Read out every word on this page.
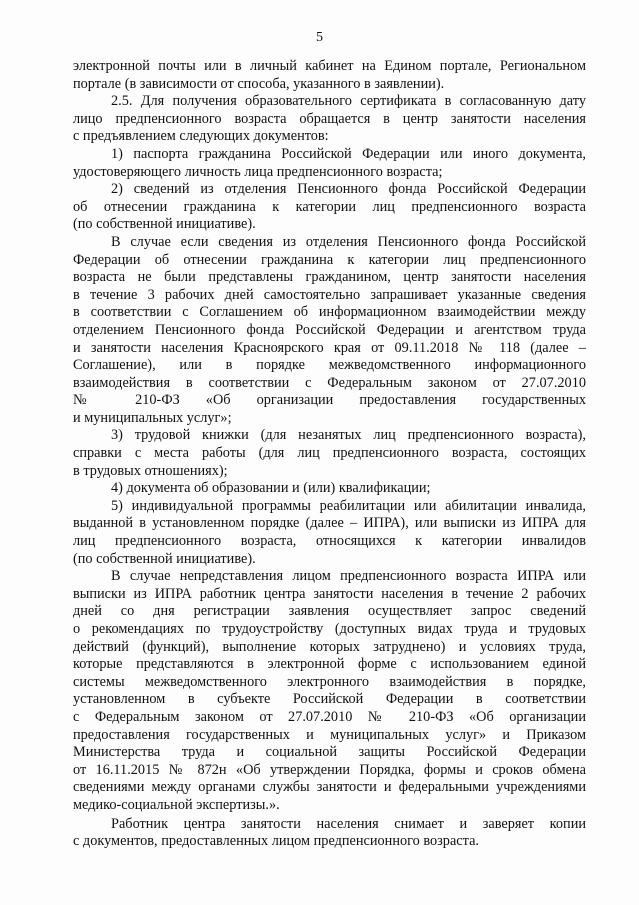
5
электронной почты или в личный кабинет на Едином портале, Региональном
портале (в зависимости от способа, указанного в заявлении).
2.5. Для получения образовательного сертификата в согласованную дату
лицо предпенсионного возраста обращается в центр занятости населения
с предъявлением следующих документов:
1) паспорта гражданина Российской Федерации или иного документа,
удостоверяющего личность лица предпенсионного возраста;
2) сведений из отделения Пенсионного фонда Российской Федерации
об отнесении гражданина к категории лиц предпенсионного возраста
(по собственной инициативе).
В случае если сведения из отделения Пенсионного фонда Российской
Федерации об отнесении гражданина к категории лиц предпенсионного
возраста не были представлены гражданином, центр занятости населения
в течение 3 рабочих дней самостоятельно запрашивает указанные сведения
в соответствии с Соглашением об информационном взаимодействии между
отделением Пенсионного фонда Российской Федерации и агентством труда
и занятости населения Красноярского края от 09.11.2018 № 118 (далее –
Соглашение), или в порядке межведомственного информационного
взаимодействия в соответствии с Федеральным законом от 27.07.2010
№ 210-ФЗ «Об организации предоставления государственных
и муниципальных услуг»;
3) трудовой книжки (для незанятых лиц предпенсионного возраста),
справки с места работы (для лиц предпенсионного возраста, состоящих
в трудовых отношениях);
4) документа об образовании и (или) квалификации;
5) индивидуальной программы реабилитации или абилитации инвалида,
выданной в установленном порядке (далее – ИПРА), или выписки из ИПРА для
лиц предпенсионного возраста, относящихся к категории инвалидов
(по собственной инициативе).
В случае непредставления лицом предпенсионного возраста ИПРА или
выписки из ИПРА работник центра занятости населения в течение 2 рабочих
дней со дня регистрации заявления осуществляет запрос сведений
о рекомендациях по трудоустройству (доступных видах труда и трудовых
действий (функций), выполнение которых затруднено) и условиях труда,
которые представляются в электронной форме с использованием единой
системы межведомственного электронного взаимодействия в порядке,
установленном в субъекте Российской Федерации в соответствии
с Федеральным законом от 27.07.2010 № 210-ФЗ «Об организации
предоставления государственных и муниципальных услуг» и Приказом
Министерства труда и социальной защиты Российской Федерации
от 16.11.2015 № 872н «Об утверждении Порядка, формы и сроков обмена
сведениями между органами службы занятости и федеральными учреждениями
медико-социальной экспертизы.».
Работник центра занятости населения снимает и заверяет копии
с документов, предоставленных лицом предпенсионного возраста.
